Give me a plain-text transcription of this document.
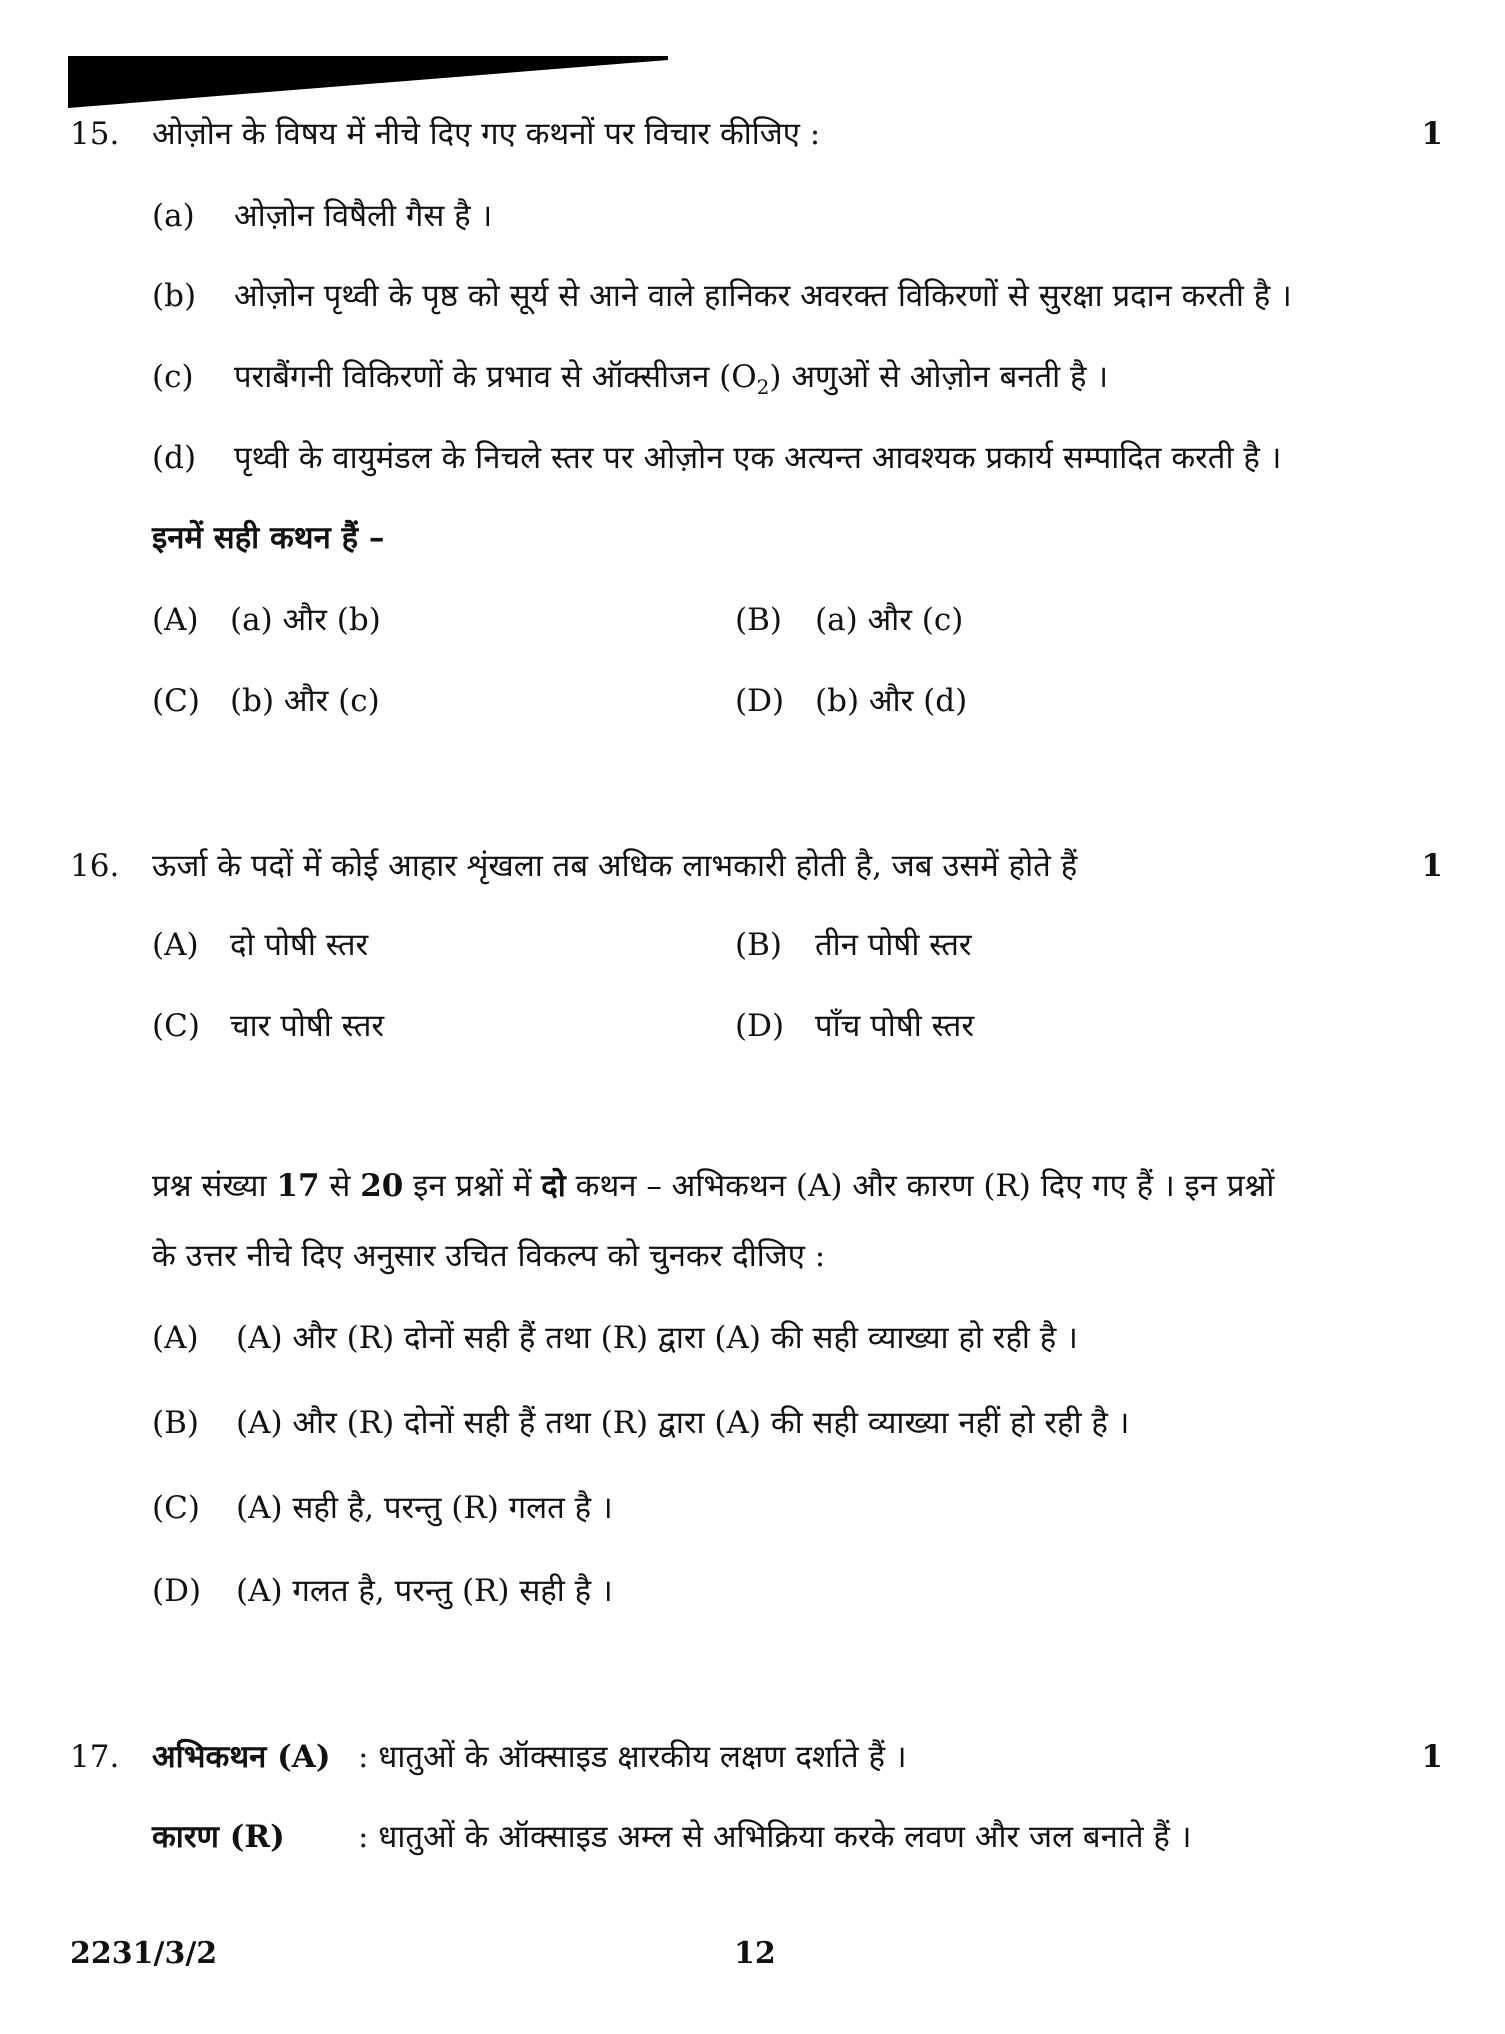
15. ओज़ोन के विषय में नीचे दिए गए कथनों पर विचार कीजिए :	1
(a) ओज़ोन विषैली गैस है ।
(b) ओज़ोन पृथ्वी के पृष्ठ को सूर्य से आने वाले हानिकर अवरक्त विकिरणों से सुरक्षा प्रदान करती है ।
(c) पराबैंगनी विकिरणों के प्रभाव से ऑक्सीजन $(O_2)$ अणुओं से ओज़ोन बनती है ।
(d) पृथ्वी के वायुमंडल के निचले स्तर पर ओज़ोन एक अत्यन्त आवश्यक प्रकार्य सम्पादित करती है ।
इनमें सही कथन हैं –
(A) (a) और (b)	(B) (a) और (c)
(C) (b) और (c)	(D) (b) और (d)
16. ऊर्जा के पदों में कोई आहार शृंखला तब अधिक लाभकारी होती है, जब उसमें होते हैं	1
(A) दो पोषी स्तर	(B) तीन पोषी स्तर
(C) चार पोषी स्तर	(D) पाँच पोषी स्तर
प्रश्न संख्या 17 से 20 इन प्रश्नों में दो कथन – अभिकथन (A) और कारण (R) दिए गए हैं । इन प्रश्नों
के उत्तर नीचे दिए अनुसार उचित विकल्प को चुनकर दीजिए :
(A) (A) और (R) दोनों सही हैं तथा (R) द्वारा (A) की सही व्याख्या हो रही है ।
(B) (A) और (R) दोनों सही हैं तथा (R) द्वारा (A) की सही व्याख्या नहीं हो रही है ।
(C) (A) सही है, परन्तु (R) गलत है ।
(D) (A) गलत है, परन्तु (R) सही है ।
17. अभिकथन (A) : धातुओं के ऑक्साइड क्षारकीय लक्षण दर्शाते हैं ।	1
कारण (R) : धातुओं के ऑक्साइड अम्ल से अभिक्रिया करके लवण और जल बनाते हैं ।
2231/3/2	12
